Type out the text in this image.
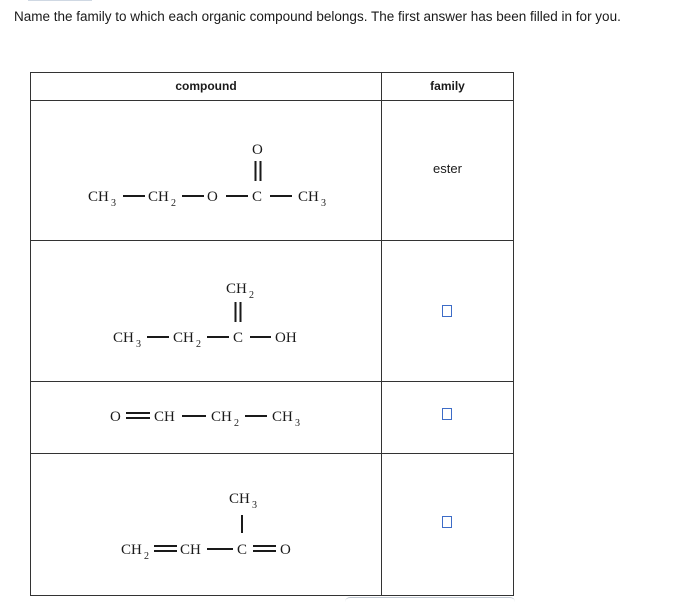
Name the family to which each organic compound belongs. The first answer has been filled in for you.
compound	family
ester
O
CH 3 CH 2 O C CH 3
CH 2
CH 3 CH 2 C OH
O CH CH 2 CH 3
CH 3
CH 2 CH C O
